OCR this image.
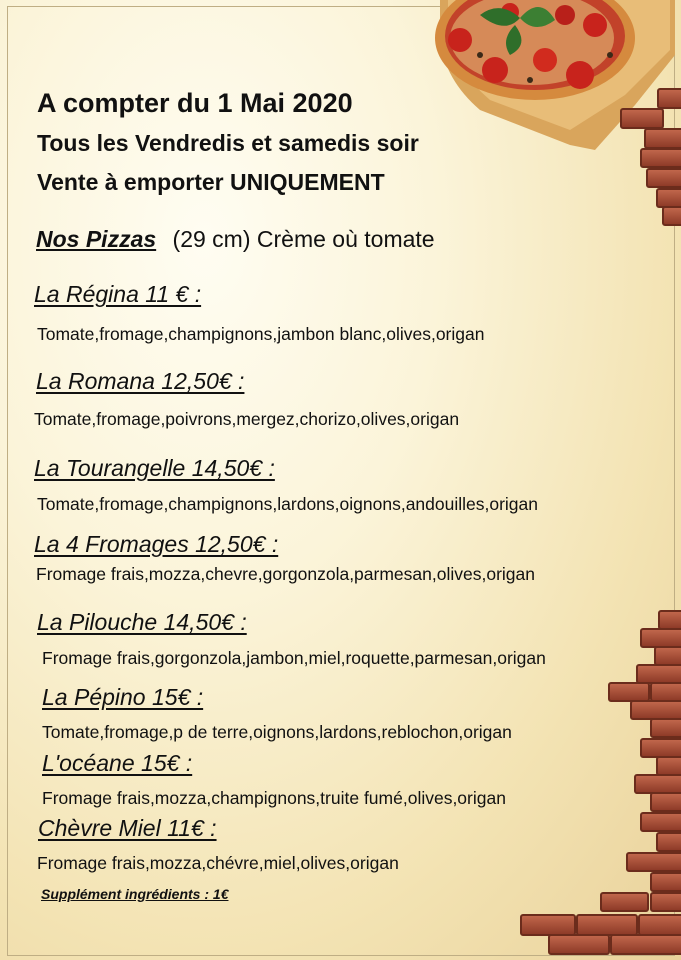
A compter du 1 Mai 2020
Tous les Vendredis et samedis soir
Vente à emporter UNIQUEMENT
Nos Pizzas (29 cm) Crème où tomate
La Régina 11 € :
Tomate,fromage,champignons,jambon blanc,olives,origan
La Romana 12,50€ :
Tomate,fromage,poivrons,mergez,chorizo,olives,origan
La Tourangelle 14,50€ :
Tomate,fromage,champignons,lardons,oignons,andouilles,origan
La 4 Fromages 12,50€ :
Fromage frais,mozza,chevre,gorgonzola,parmesan,olives,origan
La Pilouche 14,50€ :
Fromage frais,gorgonzola,jambon,miel,roquette,parmesan,origan
La Pépino 15€ :
Tomate,fromage,p de terre,oignons,lardons,reblochon,origan
L'océane 15€ :
Fromage frais,mozza,champignons,truite fumé,olives,origan
Chèvre Miel 11€ :
Fromage frais,mozza,chévre,miel,olives,origan
Supplément ingrédients : 1€
